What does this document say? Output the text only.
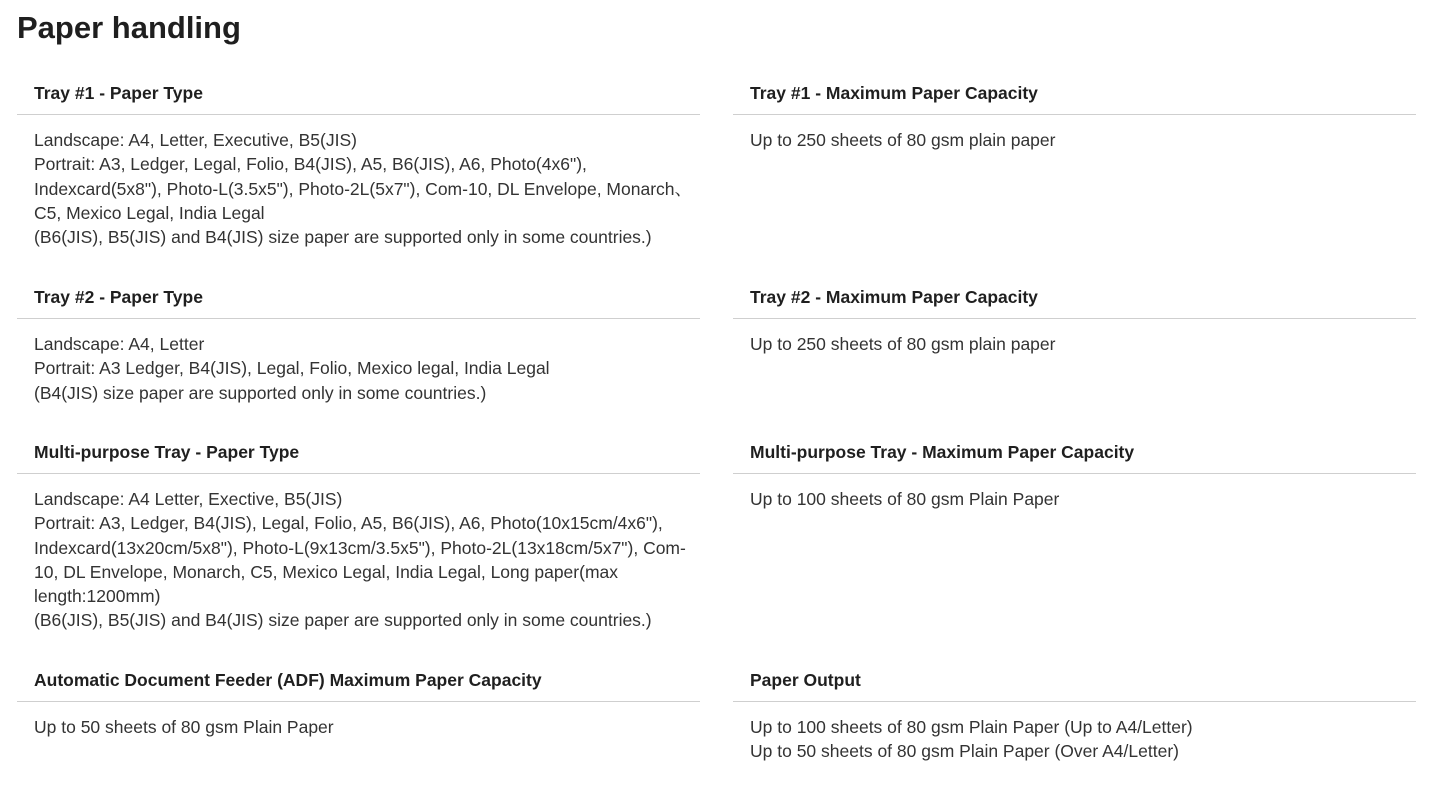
Paper handling
Tray #1 - Paper Type
Landscape: A4, Letter, Executive, B5(JIS)
Portrait: A3, Ledger, Legal, Folio, B4(JIS), A5, B6(JIS), A6, Photo(4x6"),
Indexcard(5x8"), Photo-L(3.5x5"), Photo-2L(5x7"), Com-10, DL Envelope, Monarch、
C5, Mexico Legal, India Legal
(B6(JIS), B5(JIS) and B4(JIS) size paper are supported only in some countries.)
Tray #1 - Maximum Paper Capacity
Up to 250 sheets of 80 gsm plain paper
Tray #2 - Paper Type
Landscape: A4, Letter
Portrait: A3 Ledger, B4(JIS), Legal, Folio, Mexico legal, India Legal
(B4(JIS) size paper are supported only in some countries.)
Tray #2 - Maximum Paper Capacity
Up to 250 sheets of 80 gsm plain paper
Multi-purpose Tray - Paper Type
Landscape: A4 Letter, Exective, B5(JIS)
Portrait: A3, Ledger, B4(JIS), Legal, Folio, A5, B6(JIS), A6, Photo(10x15cm/4x6"),
Indexcard(13x20cm/5x8"), Photo-L(9x13cm/3.5x5"), Photo-2L(13x18cm/5x7"), Com-
10, DL Envelope, Monarch, C5, Mexico Legal, India Legal, Long paper(max
length:1200mm)
(B6(JIS), B5(JIS) and B4(JIS) size paper are supported only in some countries.)
Multi-purpose Tray - Maximum Paper Capacity
Up to 100 sheets of 80 gsm Plain Paper
Automatic Document Feeder (ADF) Maximum Paper Capacity
Up to 50 sheets of 80 gsm Plain Paper
Paper Output
Up to 100 sheets of 80 gsm Plain Paper (Up to A4/Letter)
Up to 50 sheets of 80 gsm Plain Paper (Over A4/Letter)
